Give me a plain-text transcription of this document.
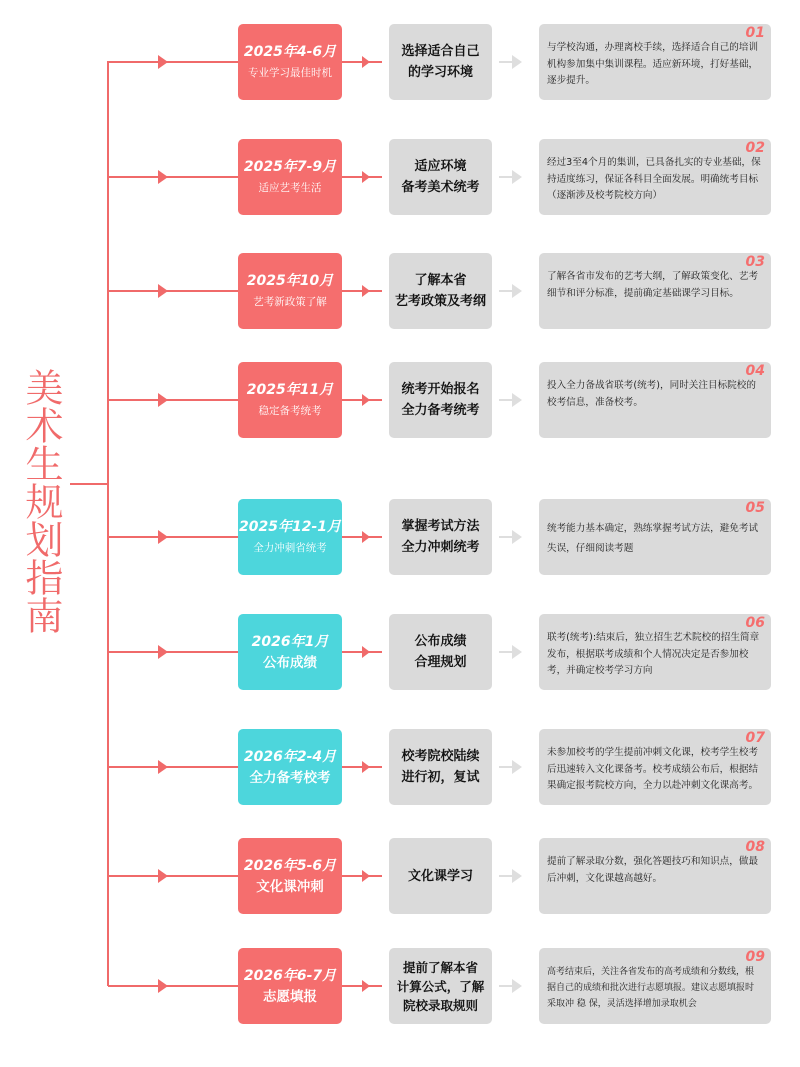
美术生规划指南
2025年4-6月
专业学习最佳时机
选择适合自己
的学习环境
01
与学校沟通，办理离校手续，选择适合自己的培训机构参加集中集训课程。适应新环境，打好基础，逐步提升。
2025年7-9月
适应艺考生活
适应环境
备考美术统考
02
经过3至4个月的集训，已具备扎实的专业基础，保持适度练习，保证各科目全面发展。明确统考目标（逐渐涉及校考院校方向）
2025年10月
艺考新政策了解
了解本省
艺考政策及考纲
03
了解各省市发布的艺考大纲，了解政策变化、艺考细节和评分标准，提前确定基础课学习目标。
2025年11月
稳定备考统考
统考开始报名
全力备考统考
04
投入全力备战省联考(统考)，同时关注目标院校的校考信息，准备校考。
2025年12-1月
全力冲刺省统考
掌握考试方法
全力冲刺统考
05
统考能力基本确定，熟练掌握考试方法，避免考试失误，仔细阅读考题
2026年1月
公布成绩
公布成绩
合理规划
06
联考(统考):结束后，独立招生艺术院校的招生简章发布，根据联考成绩和个人情况决定是否参加校考，并确定校考学习方向
2026年2-4月
全力备考校考
校考院校陆续
进行初，复试
07
未参加校考的学生提前冲刺文化课，校考学生校考后迅速转入文化课备考。校考成绩公布后，根据结果确定报考院校方向，全力以赴冲刺文化课高考。
2026年5-6月
文化课冲刺
文化课学习
08
提前了解录取分数，强化答题技巧和知识点，做最后冲刺，文化课越高越好。
2026年6-7月
志愿填报
提前了解本省
计算公式，了解
院校录取规则
09
高考结束后，关注各省发布的高考成绩和分数线，根据自己的成绩和批次进行志愿填报。建议志愿填报时采取冲 稳 保，灵活选择增加录取机会
